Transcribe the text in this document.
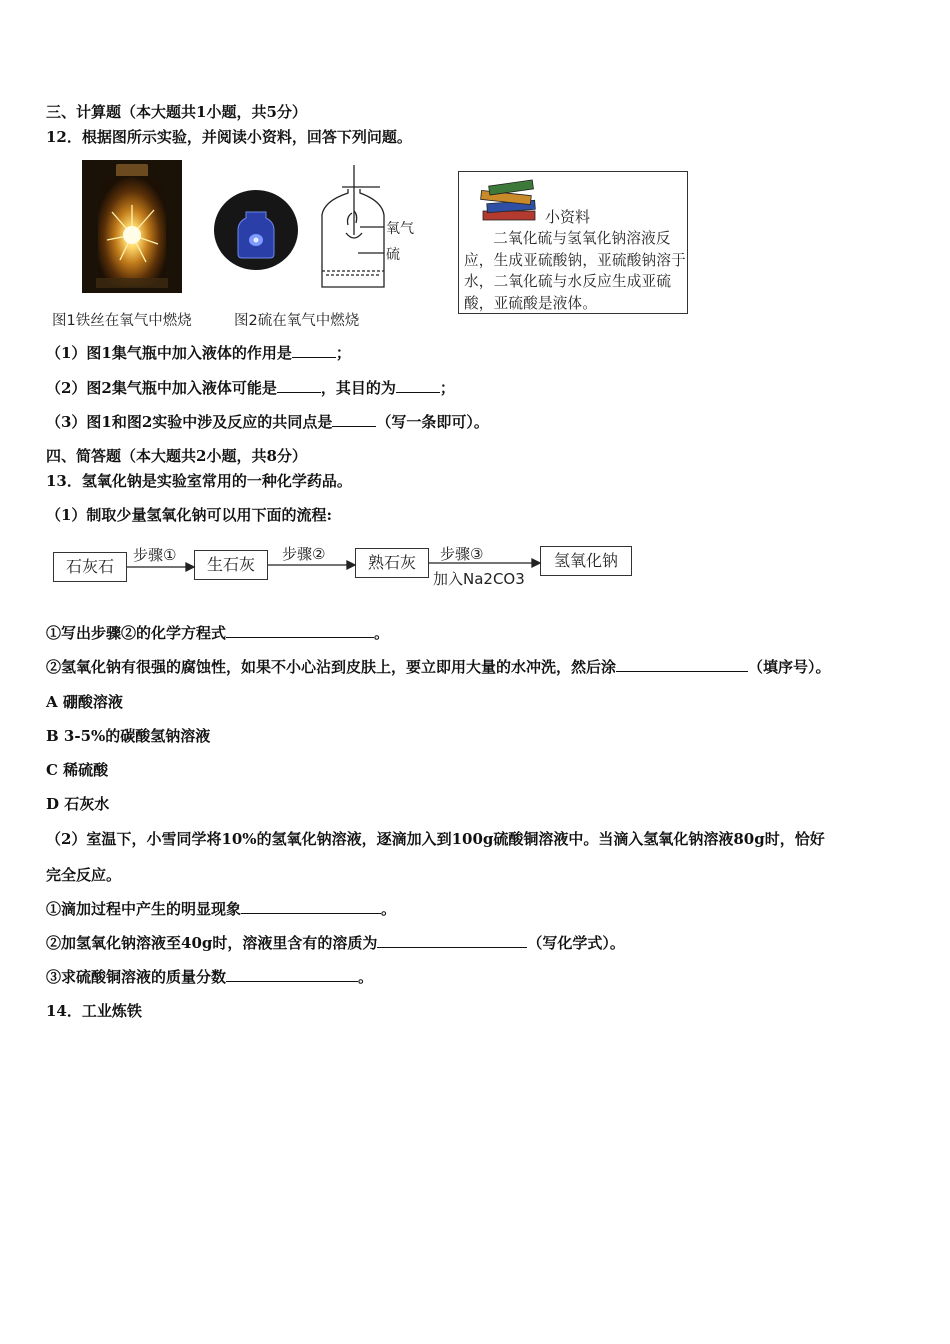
三、计算题（本大题共1小题，共5分）
12．根据图所示实验，并阅读小资料，回答下列问题。
氧气
硫
图1铁丝在氧气中燃烧	图2硫在氧气中燃烧
小资料
二氧化硫与氢氧化钠溶液反应，生成亚硫酸钠，亚硫酸钠溶于水，二氧化硫与水反应生成亚硫酸，亚硫酸是液体。
（1）图1集气瓶中加入液体的作用是	；
（2）图2集气瓶中加入液体可能是	，其目的为	；
（3）图1和图2实验中涉及反应的共同点是	（写一条即可）。
四、简答题（本大题共2小题，共8分）
13．氢氧化钠是实验室常用的一种化学药品。
（1）制取少量氢氧化钠可以用下面的流程:
石灰石	生石灰	熟石灰	氢氧化钠
步骤①	步骤②	步骤③
加入Na2CO3
①写出步骤②的化学方程式	。
②氢氧化钠有很强的腐蚀性，如果不小心沾到皮肤上，要立即用大量的水冲洗，然后涂	（填序号）。
A 硼酸溶液
B 3-5%的碳酸氢钠溶液
C 稀硫酸
D 石灰水
（2）室温下，小雪同学将10%的氢氧化钠溶液，逐滴加入到100g硫酸铜溶液中。当滴入氢氧化钠溶液80g时，恰好
完全反应。
①滴加过程中产生的明显现象	。
②加氢氧化钠溶液至40g时，溶液里含有的溶质为	（写化学式）。
③求硫酸铜溶液的质量分数	。
14．工业炼铁
